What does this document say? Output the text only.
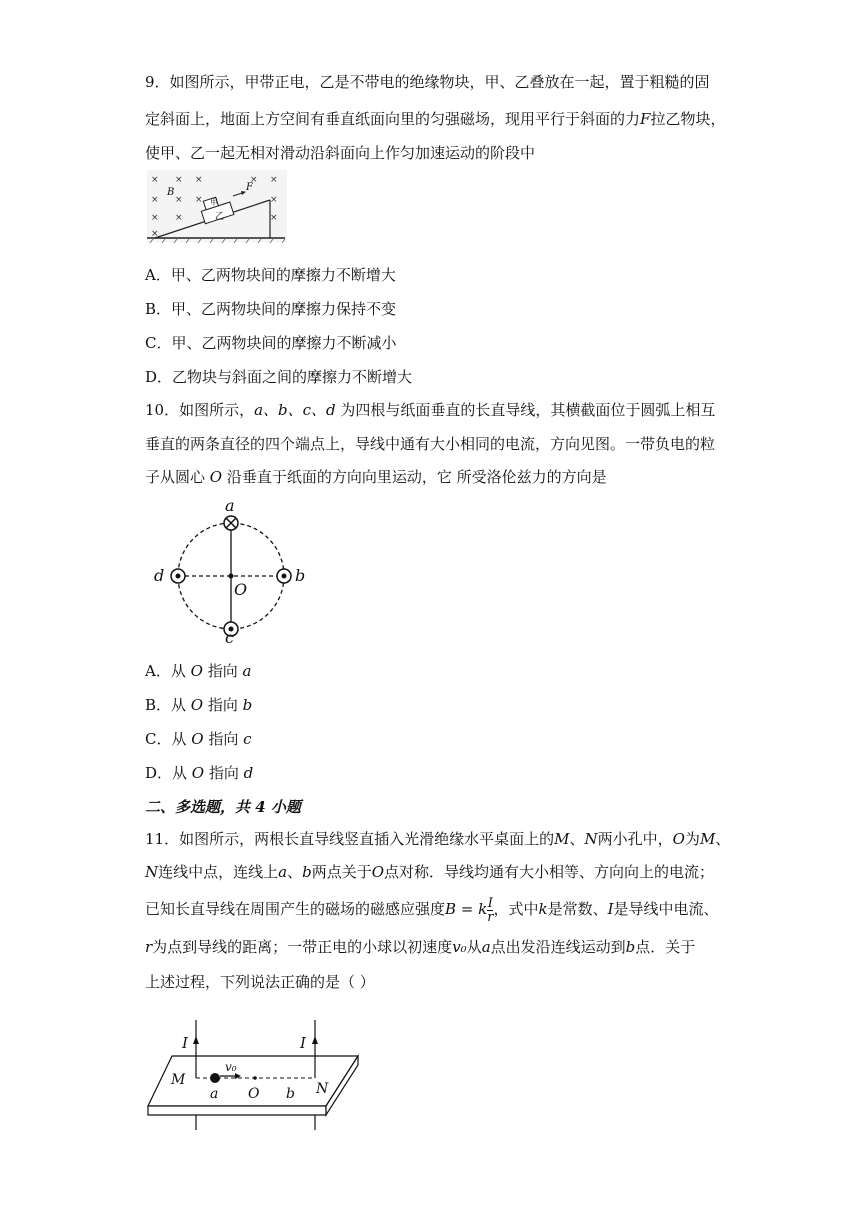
9．如图所示，甲带正电，乙是不带电的绝缘物块，甲、乙叠放在一起，置于粗糙的固
定斜面上，地面上方空间有垂直纸面向里的匀强磁场，现用平行于斜面的力F拉乙物块，
使甲、乙一起无相对滑动沿斜面向上作匀加速运动的阶段中
× × ×	× ×
× × ×	×
× ×	×
×
B
甲
乙
F
A．甲、乙两物块间的摩擦力不断增大
B．甲、乙两物块间的摩擦力保持不变
C．甲、乙两物块间的摩擦力不断减小
D．乙物块与斜面之间的摩擦力不断增大
10．如图所示，a、b、c、d 为四根与纸面垂直的长直导线，其横截面位于圆弧上相互
垂直的两条直径的四个端点上，导线中通有大小相同的电流，方向见图。一带负电的粒
子从圆心 O 沿垂直于纸面的方向向里运动，它 所受洛伦兹力的方向是
a
b
c
d
O
A．从 O 指向 a
B．从 O 指向 b
C．从 O 指向 c
D．从 O 指向 d
二、多选题，共 4 小题
11．如图所示，两根长直导线竖直插入光滑绝缘水平桌面上的M、N两小孔中，O为M、
N连线中点，连线上a、b两点关于O点对称．导线均通有大小相等、方向向上的电流；
已知长直导线在周围产生的磁场的磁感应强度B = k $\frac{I}{r}$ ，式中k是常数、I是导线中电流、
r为点到导线的距离；一带正电的小球以初速度v₀从a点出发沿连线运动到b点．关于
上述过程，下列说法正确的是（ ）
I	I
M
N
v₀
a O b
